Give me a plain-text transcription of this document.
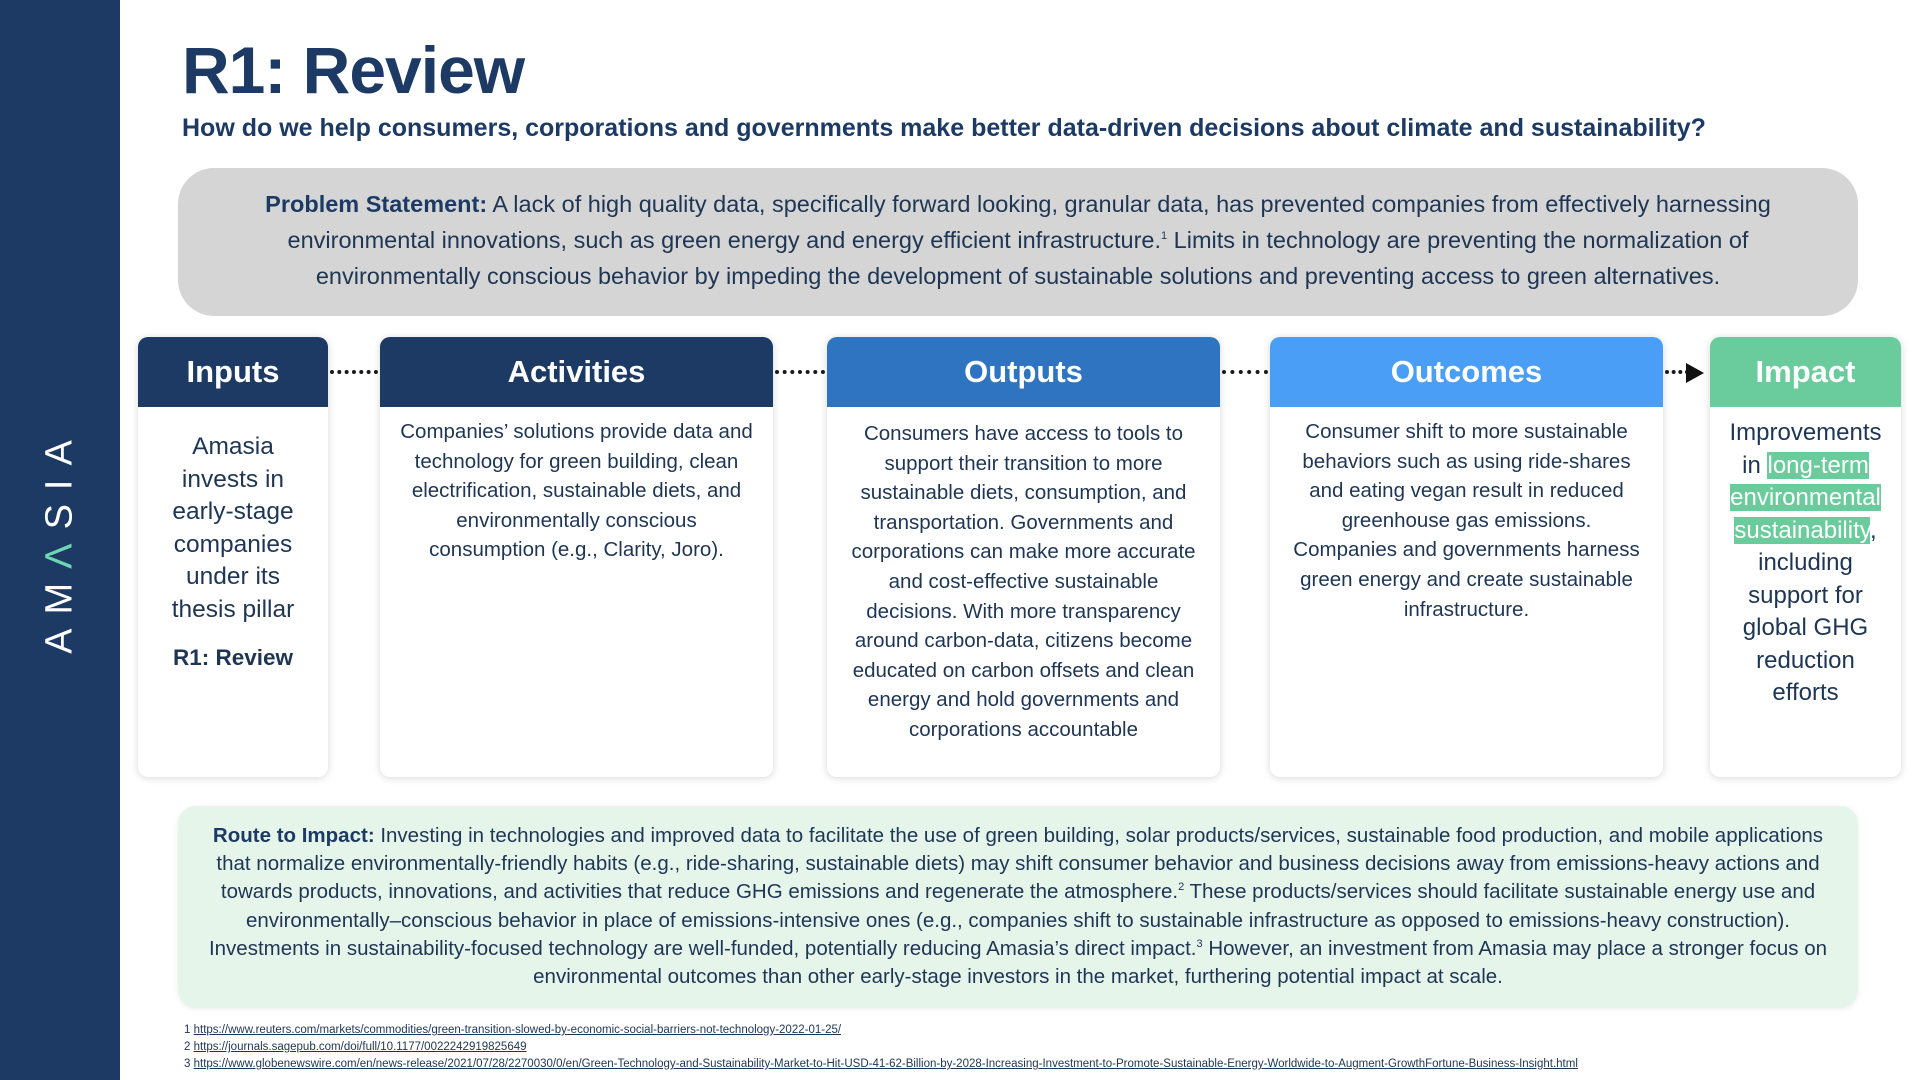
AMΛSIA
R1: Review
How do we help consumers, corporations and governments make better data-driven decisions about climate and sustainability?
Problem Statement: A lack of high quality data, specifically forward looking, granular data, has prevented companies from effectively harnessing environmental innovations, such as green energy and energy efficient infrastructure.$^1$ Limits in technology are preventing the normalization of environmentally conscious behavior by impeding the development of sustainable solutions and preventing access to green alternatives.
Inputs
Amasia invests in early-stage companies under its thesis pillar
R1: Review
Activities
Companies’ solutions provide data and technology for green building, clean electrification, sustainable diets, and environmentally conscious consumption (e.g., Clarity, Joro).
Outputs
Consumers have access to tools to support their transition to more sustainable diets, consumption, and transportation. Governments and corporations can make more accurate and cost-effective sustainable decisions. With more transparency around carbon-data, citizens become educated on carbon offsets and clean energy and hold governments and corporations accountable
Outcomes
Consumer shift to more sustainable behaviors such as using ride-shares and eating vegan result in reduced greenhouse gas emissions. Companies and governments harness green energy and create sustainable infrastructure.
Impact
Improvements in long-term environmental sustainability, including support for global GHG reduction efforts
Route to Impact: Investing in technologies and improved data to facilitate the use of green building, solar products/services, sustainable food production, and mobile applications that normalize environmentally-friendly habits (e.g., ride-sharing, sustainable diets) may shift consumer behavior and business decisions away from emissions-heavy actions and towards products, innovations, and activities that reduce GHG emissions and regenerate the atmosphere.$^2$ These products/services should facilitate sustainable energy use and environmentally–conscious behavior in place of emissions-intensive ones (e.g., companies shift to sustainable infrastructure as opposed to emissions-heavy construction). Investments in sustainability-focused technology are well-funded, potentially reducing Amasia’s direct impact.$^3$ However, an investment from Amasia may place a stronger focus on environmental outcomes than other early-stage investors in the market, furthering potential impact at scale.
1 https://www.reuters.com/markets/commodities/green-transition-slowed-by-economic-social-barriers-not-technology-2022-01-25/
2 https://journals.sagepub.com/doi/full/10.1177/0022242919825649
3 https://www.globenewswire.com/en/news-release/2021/07/28/2270030/0/en/Green-Technology-and-Sustainability-Market-to-Hit-USD-41-62-Billion-by-2028-Increasing-Investment-to-Promote-Sustainable-Energy-Worldwide-to-Augment-GrowthFortune-Business-Insight.html
